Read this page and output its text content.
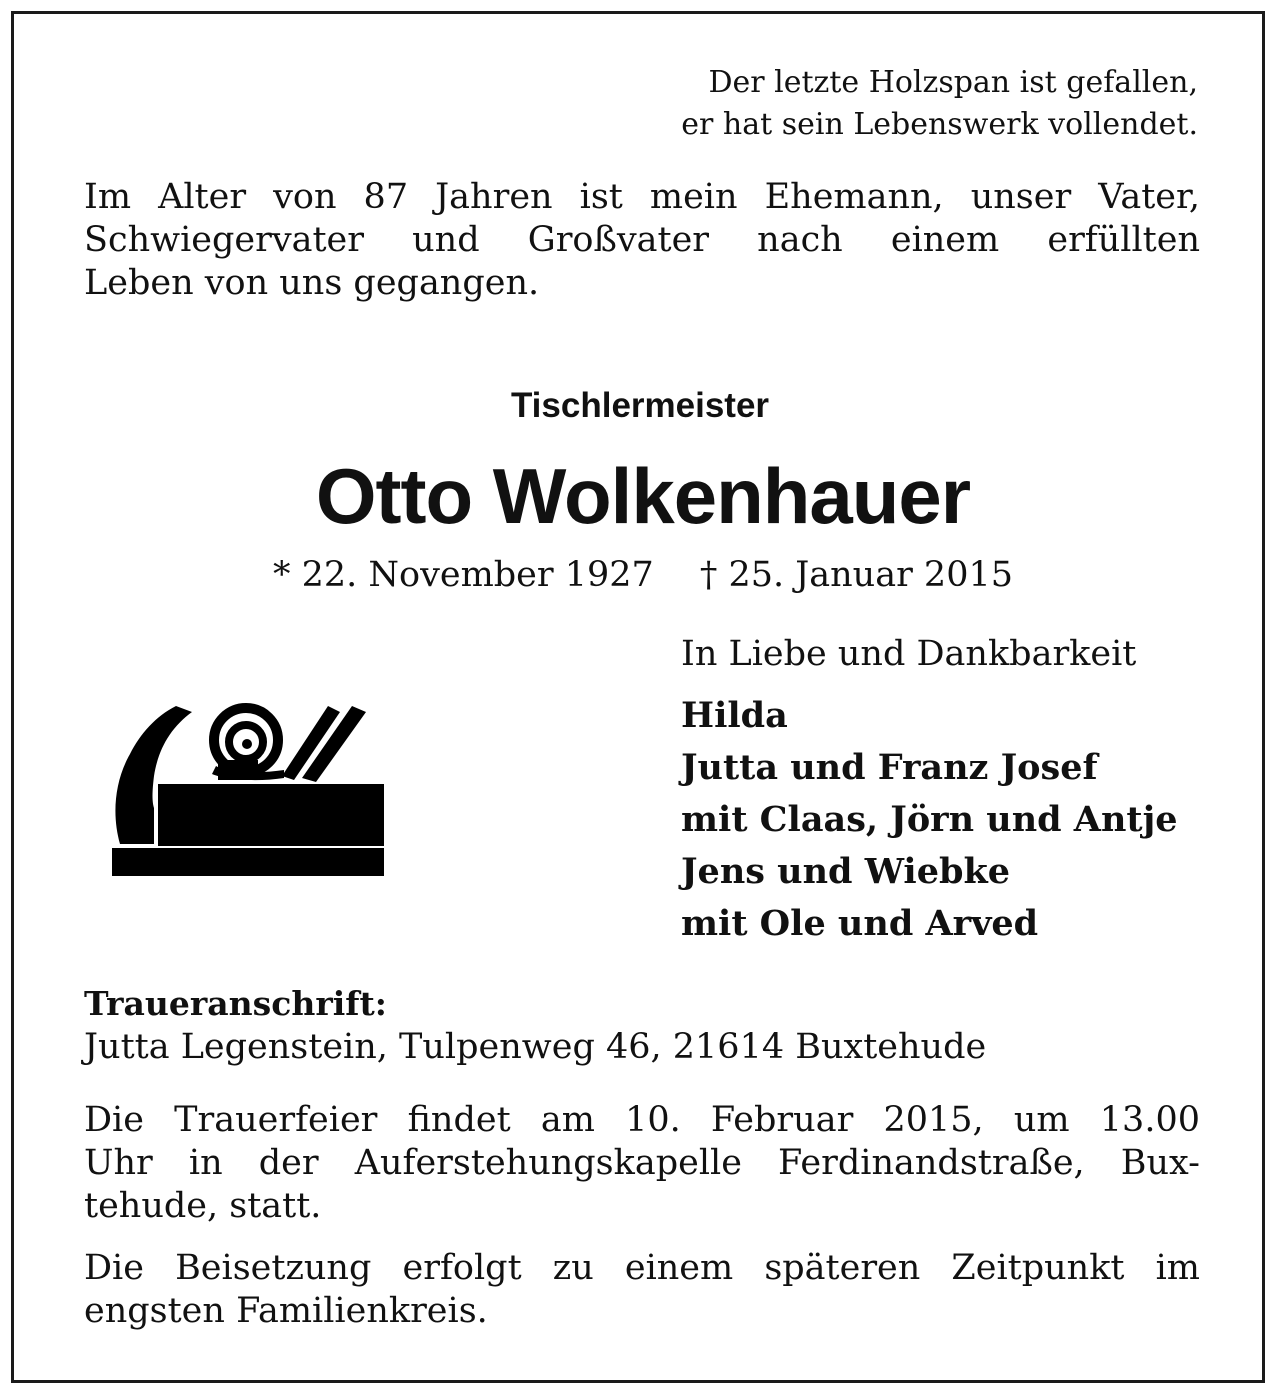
Der letzte Holzspan ist gefallen,
er hat sein Lebenswerk vollendet.
Im Alter von 87 Jahren ist mein Ehemann, unser Vater,
Schwiegervater und Großvater nach einem erfüllten
Leben von uns gegangen.
Tischlermeister
Otto Wolkenhauer
* 22. November 1927 † 25. Januar 2015

In Liebe und Dankbarkeit

Hilda
Jutta und Franz Josef
mit Claas, Jörn und Antje
Jens und Wiebke
mit Ole und Arved
Traueranschrift:
Jutta Legenstein, Tulpenweg 46, 21614 Buxtehude
Die Trauerfeier findet am 10. Februar 2015, um 13.00
Uhr in der Auferstehungskapelle Ferdinandstraße, Bux-
tehude, statt.
Die Beisetzung erfolgt zu einem späteren Zeitpunkt im
engsten Familienkreis.
